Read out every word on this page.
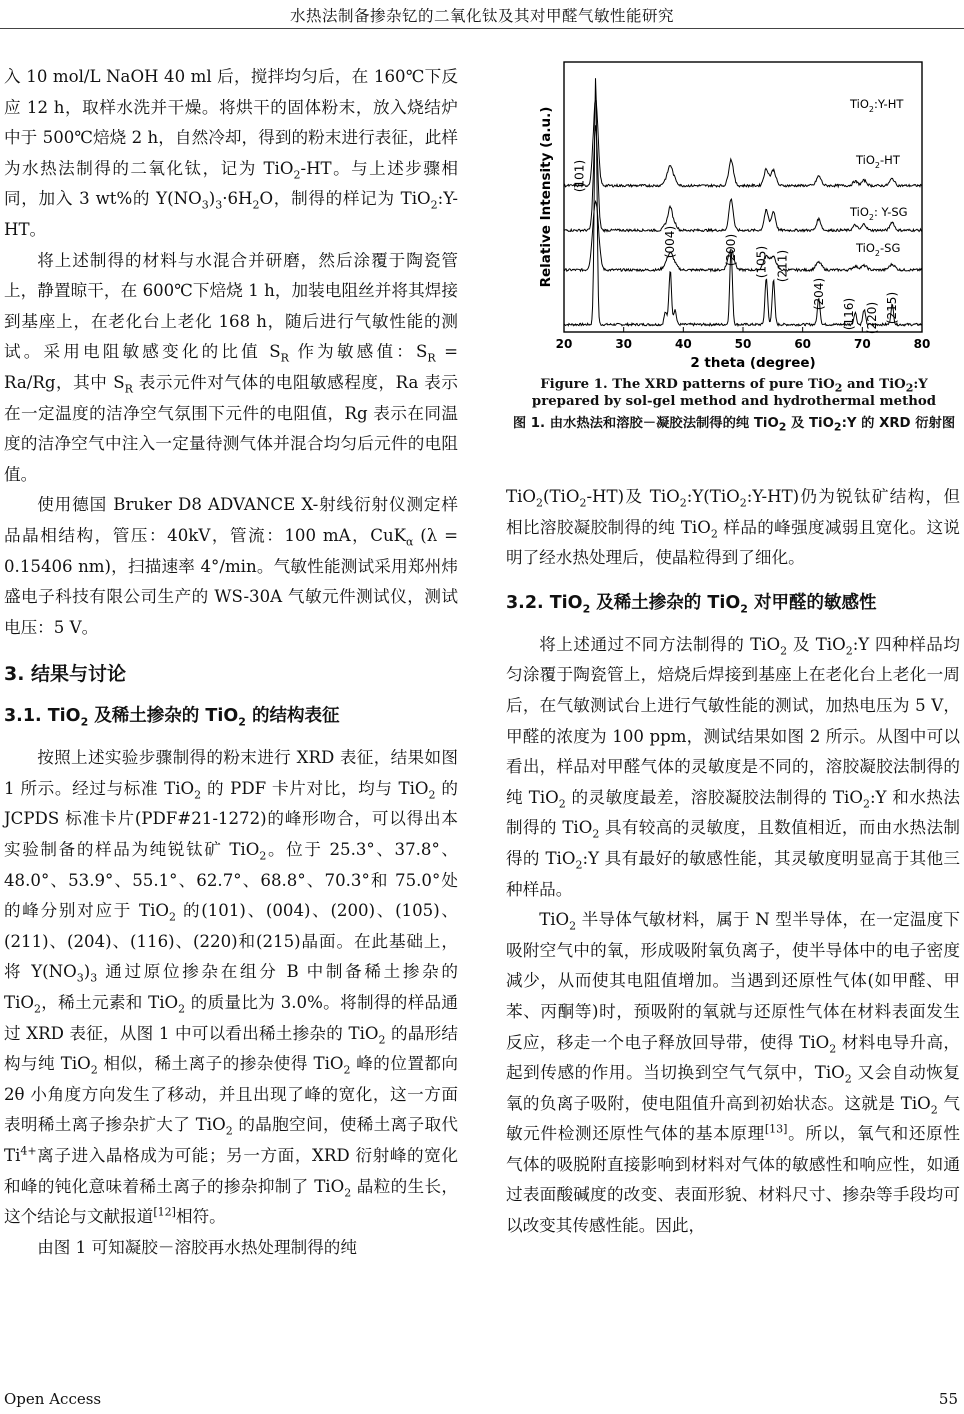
水热法制备掺杂钇的二氧化钛及其对甲醛气敏性能研究

入 10 mol/L NaOH 40 ml 后，搅拌均匀后，在 160℃下反应 12 h，取样水洗并干燥。将烘干的固体粉末，放入烧结炉中于 500℃焙烧 2 h，自然冷却，得到的粉末进行表征，此样为水热法制得的二氧化钛，记为 TiO$_2$-HT。与上述步骤相同，加入 3 wt%的 $Y(NO_3)_3\cdot 6H_2O$，制得的样记为 TiO$_2$:Y-HT。

将上述制得的材料与水混合并研磨，然后涂覆于陶瓷管上，静置晾干，在 600℃下焙烧 1 h，加装电阻丝并将其焊接到基座上，在老化台上老化 168 h，随后进行气敏性能的测试。采用电阻敏感变化的比值 $S_R$ 作为敏感值：$S_R = Ra/Rg$，其中 $S_R$ 表示元件对气体的电阻敏感程度，Ra 表示在一定温度的洁净空气氛围下元件的电阻值，Rg 表示在同温度的洁净空气中注入一定量待测气体并混合均匀后元件的电阻值。

使用德国 Bruker D8 ADVANCE X-射线衍射仪测定样品晶相结构，管压：40kV，管流：100 mA，CuK$_\alpha$ (λ = 0.15406 nm)，扫描速率 4°/min。气敏性能测试采用郑州炜盛电子科技有限公司生产的 WS-30A 气敏元件测试仪，测试电压：5 V。

3. 结果与讨论
3.1. TiO$_2$ 及稀土掺杂的 TiO$_2$ 的结构表征

按照上述实验步骤制得的粉末进行 XRD 表征，结果如图 1 所示。经过与标准 TiO$_2$ 的 PDF 卡片对比，均与 TiO$_2$ 的 JCPDS 标准卡片(PDF#21-1272)的峰形吻合，可以得出本实验制备的样品为纯锐钛矿 TiO$_2$。位于 25.3°、37.8°、48.0°、53.9°、55.1°、62.7°、68.8°、70.3°和 75.0°处的峰分别对应于 TiO$_2$ 的(101)、(004)、(200)、(105)、(211)、(204)、(116)、(220)和(215)晶面。在此基础上，将 $Y(NO_3)_3$ 通过原位掺杂在组分 B 中制备稀土掺杂的 TiO$_2$，稀土元素和 TiO$_2$ 的质量比为 3.0%。将制得的样品通过 XRD 表征，从图 1 中可以看出稀土掺杂的 TiO$_2$ 的晶形结构与纯 TiO$_2$ 相似，稀土离子的掺杂使得 TiO$_2$ 峰的位置都向 2θ 小角度方向发生了移动，并且出现了峰的宽化，这一方面表明稀土离子掺杂扩大了 TiO$_2$ 的晶胞空间，使稀土离子取代 $Ti^{4+}$离子进入晶格成为可能；另一方面，XRD 衍射峰的宽化和峰的钝化意味着稀土离子的掺杂抑制了 TiO$_2$ 晶粒的生长，这个结论与文献报道[12]相符。

由图 1 可知凝胶－溶胶再水热处理制得的纯

20	30	40	50	60	70	80
2 theta (degree)
Relative Intensity (a.u.) (101)
(004)	(200) (105) (211)
(204)
(116) (220) (215)
TiO$_2$-SG
TiO$_2$: Y-SG
TiO$_2$-HT
TiO$_2$:Y-HT
Figure 1. The XRD patterns of pure TiO$_2$ and TiO$_2$:Y prepared by sol-gel method and hydrothermal method
图 1. 由水热法和溶胶－凝胶法制得的纯 TiO$_2$ 及 TiO$_2$:Y 的 XRD 衍射图

TiO$_2$(TiO$_2$-HT)及 TiO$_2$:Y(TiO$_2$:Y-HT)仍为锐钛矿结构，但相比溶胶凝胶制得的纯 TiO$_2$ 样品的峰强度减弱且宽化。这说明了经水热处理后，使晶粒得到了细化。

3.2. TiO$_2$ 及稀土掺杂的 TiO$_2$ 对甲醛的敏感性

将上述通过不同方法制得的 TiO$_2$ 及 TiO$_2$:Y 四种样品均匀涂覆于陶瓷管上，焙烧后焊接到基座上在老化台上老化一周后，在气敏测试台上进行气敏性能的测试，加热电压为 5 V，甲醛的浓度为 100 ppm，测试结果如图 2 所示。从图中可以看出，样品对甲醛气体的灵敏度是不同的，溶胶凝胶法制得的纯 TiO$_2$ 的灵敏度最差，溶胶凝胶法制得的 TiO$_2$:Y 和水热法制得的 TiO$_2$ 具有较高的灵敏度，且数值相近，而由水热法制得的 TiO$_2$:Y 具有最好的敏感性能，其灵敏度明显高于其他三种样品。

TiO$_2$ 半导体气敏材料，属于 N 型半导体，在一定温度下吸附空气中的氧，形成吸附氧负离子，使半导体中的电子密度减少，从而使其电阻值增加。当遇到还原性气体(如甲醛、甲苯、丙酮等)时，预吸附的氧就与还原性气体在材料表面发生反应，移走一个电子释放回导带，使得 TiO$_2$ 材料电导升高，起到传感的作用。当切换到空气气氛中，TiO$_2$ 又会自动恢复氧的负离子吸附，使电阻值升高到初始状态。这就是 TiO$_2$ 气敏元件检测还原性气体的基本原理[13]。所以，氧气和还原性气体的吸脱附直接影响到材料对气体的敏感性和响应性，如通过表面酸碱度的改变、表面形貌、材料尺寸、掺杂等手段均可以改变其传感性能。因此，

Open Access	55
